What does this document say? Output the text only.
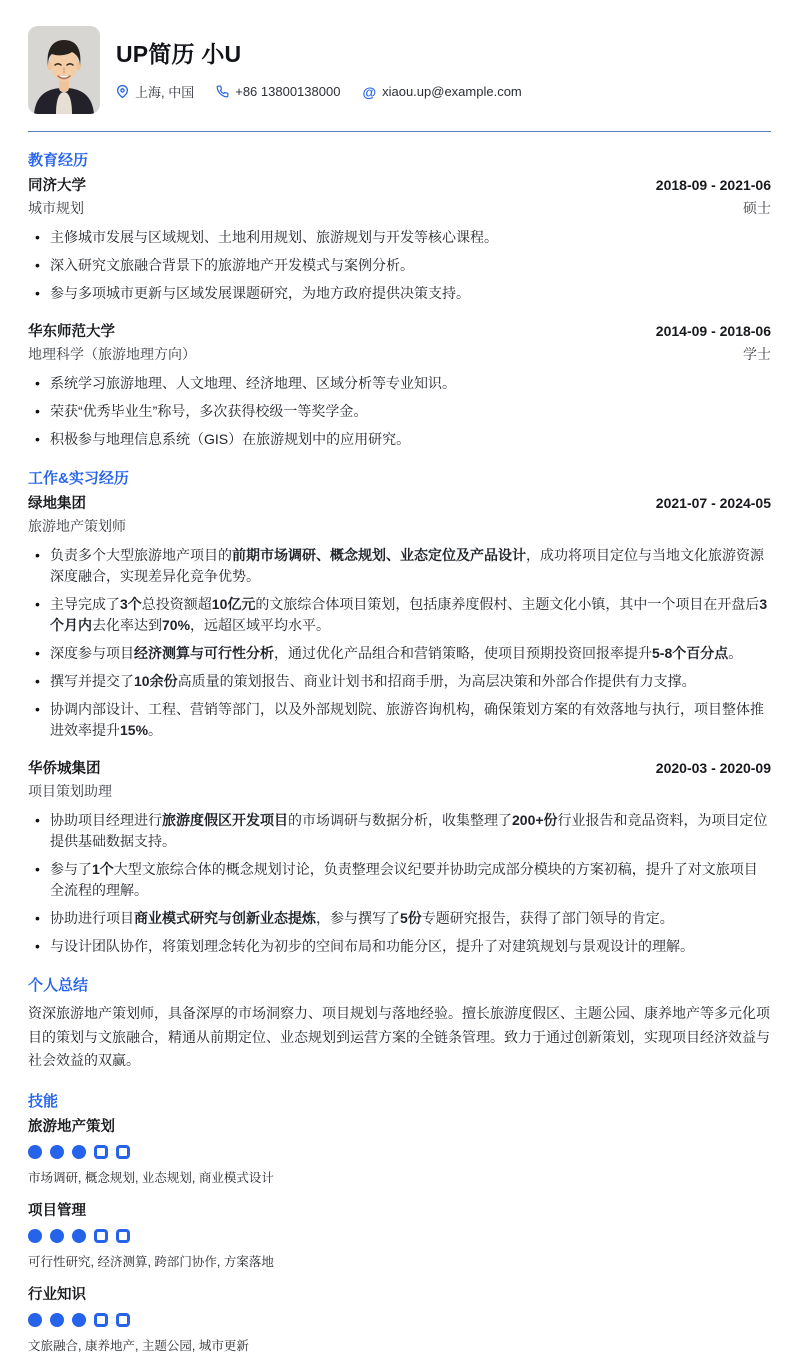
UP简历 小U
上海, 中国	+86 13800138000 @ xiaou.up@example.com
教育经历
同济大学	2018-09 - 2021-06
城市规划	硕士
• 主修城市发展与区域规划、土地利用规划、旅游规划与开发等核心课程。
• 深入研究文旅融合背景下的旅游地产开发模式与案例分析。
• 参与多项城市更新与区域发展课题研究，为地方政府提供决策支持。
华东师范大学	2014-09 - 2018-06
地理科学（旅游地理方向）	学士
• 系统学习旅游地理、人文地理、经济地理、区域分析等专业知识。
• 荣获“优秀毕业生”称号，多次获得校级一等奖学金。
• 积极参与地理信息系统（GIS）在旅游规划中的应用研究。
工作&实习经历
绿地集团	2021-07 - 2024-05
旅游地产策划师
• 负责多个大型旅游地产项目的前期市场调研、概念规划、业态定位及产品设计，成功将项目定位与当地文化旅游资源深度融合，实现差异化竞争优势。
• 主导完成了3个总投资额超10亿元的文旅综合体项目策划，包括康养度假村、主题文化小镇，其中一个项目在开盘后3个月内去化率达到70%，远超区域平均水平。
• 深度参与项目经济测算与可行性分析，通过优化产品组合和营销策略，使项目预期投资回报率提升5-8个百分点。
• 撰写并提交了10余份高质量的策划报告、商业计划书和招商手册，为高层决策和外部合作提供有力支撑。
• 协调内部设计、工程、营销等部门，以及外部规划院、旅游咨询机构，确保策划方案的有效落地与执行，项目整体推进效率提升15%。
华侨城集团	2020-03 - 2020-09
项目策划助理
• 协助项目经理进行旅游度假区开发项目的市场调研与数据分析，收集整理了200+份行业报告和竞品资料，为项目定位提供基础数据支持。
• 参与了1个大型文旅综合体的概念规划讨论，负责整理会议纪要并协助完成部分模块的方案初稿，提升了对文旅项目全流程的理解。
• 协助进行项目商业模式研究与创新业态提炼，参与撰写了5份专题研究报告，获得了部门领导的肯定。
• 与设计团队协作，将策划理念转化为初步的空间布局和功能分区，提升了对建筑规划与景观设计的理解。
个人总结

资深旅游地产策划师，具备深厚的市场洞察力、项目规划与落地经验。擅长旅游度假区、主题公园、康养地产等多元化项目的策划与文旅融合，精通从前期定位、业态规划到运营方案的全链条管理。致力于通过创新策划，实现项目经济效益与社会效益的双赢。

技能
旅游地产策划
市场调研, 概念规划, 业态规划, 商业模式设计
项目管理
可行性研究, 经济测算, 跨部门协作, 方案落地
行业知识
文旅融合, 康养地产, 主题公园, 城市更新
